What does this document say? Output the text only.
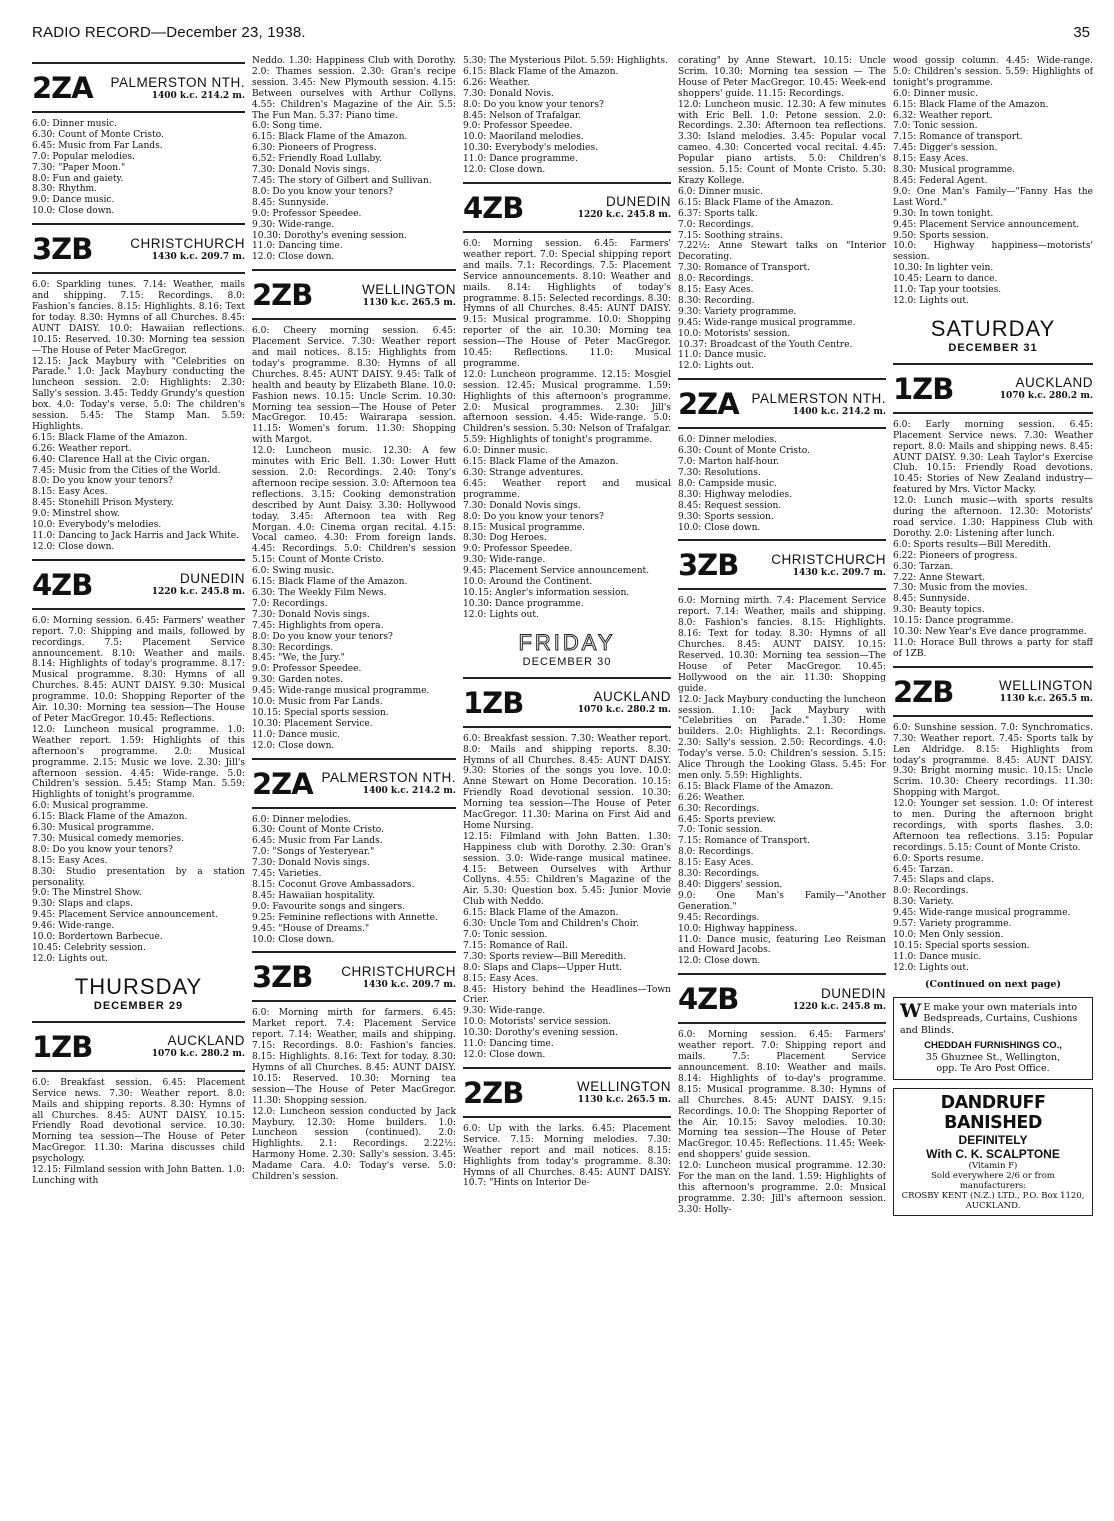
RADIO RECORD—December 23, 1938.	35
2ZA	PALMERSTON NTH.
1400 k.c. 214.2 m.

6.0: Dinner music.

6.30: Count of Monte Cristo.

6.45: Music from Far Lands.

7.0: Popular melodies.

7.30: "Paper Moon."

8.0: Fun and gaiety.

8.30: Rhythm.

9.0: Dance music.

10.0: Close down.

3ZB	CHRISTCHURCH
1430 k.c. 209.7 m.

6.0: Sparkling tunes. 7.14: Weather, mails and shipping. 7.15: Recordings. 8.0: Fashion's fancies. 8.15: Highlights. 8.16: Text for today. 8.30: Hymns of all Churches. 8.45: AUNT DAISY. 10.0: Hawaiian reflections. 10.15: Reserved. 10.30: Morning tea session—The House of Peter MacGregor.

12.15: Jack Maybury with "Celebrities on Parade." 1.0: Jack Maybury conducting the luncheon session. 2.0: Highlights: 2.30: Sally's session. 3.45: Teddy Grundy's question box. 4.0: Today's verse. 5.0: The children's session. 5.45: The Stamp Man. 5.59: Highlights.

6.15: Black Flame of the Amazon.

6.26: Weather report.

6.40: Clarence Hall at the Civic organ.

7.45: Music from the Cities of the World.

8.0: Do you know your tenors?

8.15: Easy Aces.

8.45: Stonehill Prison Mystery.

9.0: Minstrel show.

10.0: Everybody's melodies.

11.0: Dancing to Jack Harris and Jack White.

12.0: Close down.

4ZB	DUNEDIN
1220 k.c. 245.8 m.

6.0: Morning session. 6.45: Farmers' weather report. 7.0: Shipping and mails, followed by recordings. 7.5: Placement Service announcement. 8.10: Weather and mails. 8.14: Highlights of today's programme. 8.17: Musical programme. 8.30: Hymns of all Churches. 8.45: AUNT DAISY. 9.30: Musical programme. 10.0: Shopping Reporter of the Air. 10.30: Morning tea session—The House of Peter MacGregor. 10.45: Reflections.

12.0: Luncheon musical programme. 1.0: Weather report. 1.59: Highlights of this afternoon's programme. 2.0: Musical programme. 2.15: Music we love. 2.30: Jill's afternoon session. 4.45: Wide-range. 5.0: Children's session. 5.45: Stamp Man. 5.59: Highlights of tonight's programme.

6.0: Musical programme.

6.15: Black Flame of the Amazon.

6.30: Musical programme.

7.30: Musical comedy memories.

8.0: Do you know your tenors?

8.15: Easy Aces.

8.30: Studio presentation by a station personality.

9.0: The Minstrel Show.

9.30: Slaps and claps.

9.45: Placement Service announcement.

9.46: Wide-range.

10.0: Bordertown Barbecue.

10.45: Celebrity session.

12.0: Lights out.

THURSDAY
DECEMBER 29
1ZB	AUCKLAND
1070 k.c. 280.2 m.

6.0: Breakfast session. 6.45: Placement Service news. 7.30: Weather report. 8.0: Mails and shipping reports. 8.30: Hymns of all Churches. 8.45: AUNT DAISY. 10.15: Friendly Road devotional service. 10.30: Morning tea session—The House of Peter MacGregor. 11.30: Marina discusses child psychology.

12.15: Filmland session with John Batten. 1.0: Lunching with

Neddo. 1.30: Happiness Club with Dorothy. 2.0: Thames session. 2.30: Gran's recipe session. 3.45: New Plymouth session. 4.15: Between ourselves with Arthur Collyns. 4.55: Children's Magazine of the Air. 5.5: The Fun Man. 5.37: Piano time.

6.0: Song time.

6.15: Black Flame of the Amazon.

6.30: Pioneers of Progress.

6.52: Friendly Road Lullaby.

7.30: Donald Novis sings.

7.45: The story of Gilbert and Sullivan.

8.0: Do you know your tenors?

8.45: Sunnyside.

9.0: Professor Speedee.

9.30: Wide-range.

10.30: Dorothy's evening session.

11.0: Dancing time.

12.0: Close down.

2ZB	WELLINGTON
1130 k.c. 265.5 m.

6.0: Cheery morning session. 6.45: Placement Service. 7.30: Weather report and mail notices. 8.15: Highlights from today's programme. 8.30: Hymns of all Churches. 8.45: AUNT DAISY. 9.45: Talk of health and beauty by Elizabeth Blane. 10.0: Fashion news. 10.15: Uncle Scrim. 10.30: Morning tea session—The House of Peter MacGregor. 10.45: Wairarapa session. 11.15: Women's forum. 11.30: Shopping with Margot.

12.0: Luncheon music. 12.30: A few minutes with Eric Bell. 1.30: Lower Hutt session. 2.0: Recordings. 2.40: Tony's afternoon recipe session. 3.0: Afternoon tea reflections. 3.15: Cooking demonstration described by Aunt Daisy. 3.30: Hollywood today. 3.45: Afternoon tea with Reg Morgan. 4.0: Cinema organ recital. 4.15: Vocal cameo. 4.30: From foreign lands. 4.45: Recordings. 5.0: Children's session 5.15: Count of Monte Cristo.

6.0: Swing music.

6.15: Black Flame of the Amazon.

6.30: The Weekly Film News.

7.0: Recordings.

7.30: Donald Novis sings.

7.45: Highlights from opera.

8.0: Do you know your tenors?

8.30: Recordings.

8.45: "We, the Jury."

9.0: Professor Speedee.

9.30: Garden notes.

9.45: Wide-range musical programme.

10.0: Music from Far Lands.

10.15: Special sports session.

10.30: Placement Service.

11.0: Dance music.

12.0: Close down.

2ZA PALMERSTON NTH.
1400 k.c. 214.2 m.

6.0: Dinner melodies.

6.30: Count of Monte Cristo.

6.45: Music from Far Lands.

7.0: "Songs of Yesteryear."

7.30: Donald Novis sings.

7.45: Varieties.

8.15: Coconut Grove Ambassadors.

8.45: Hawaiian hospitality.

9.0: Favourite songs and singers.

9.25: Feminine reflections with Annette.

9.45: "House of Dreams."

10.0: Close down.

3ZB	CHRISTCHURCH
1430 k.c. 209.7 m.

6.0: Morning mirth for farmers. 6.45: Market report. 7.4: Placement Service report. 7.14: Weather, mails and shipping. 7.15: Recordings. 8.0: Fashion's fancies. 8.15: Highlights. 8.16: Text for today. 8.30: Hymns of all Churches. 8.45: AUNT DAISY. 10.15: Reserved. 10.30: Morning tea session—The House of Peter MacGregor. 11.30: Shopping session.

12.0: Luncheon session conducted by Jack Maybury. 12.30: Home builders. 1.0: Luncheon session (continued). 2.0: Highlights. 2.1: Recordings. 2.22½: Harmony Home. 2.30: Sally's session. 3.45: Madame Cara. 4.0: Today's verse. 5.0: Children's session.

5.30: The Mysterious Pilot. 5.59: Highlights.

6.15: Black Flame of the Amazon.

6.26: Weather.

7.30: Donald Novis.

8.0: Do you know your tenors?

8.45: Nelson of Trafalgar.

9.0: Professor Speedee.

10.0: Maoriland melodies.

10.30: Everybody's melodies.

11.0: Dance programme.

12.0: Close down.

4ZB	DUNEDIN
1220 k.c. 245.8 m.

6.0: Morning session. 6.45: Farmers' weather report. 7.0: Special shipping report and mails. 7.1: Recordings. 7.5: Placement Service announcements. 8.10: Weather and mails. 8.14: Highlights of today's programme. 8.15: Selected recordings. 8.30: Hymns of all Churches. 8.45: AUNT DAISY. 9.15: Musical programme. 10.0: Shopping reporter of the air. 10.30: Morning tea session—The House of Peter MacGregor. 10.45: Reflections. 11.0: Musical programme.

12.0: Luncheon programme. 12.15: Mosgiel session. 12.45: Musical programme. 1.59: Highlights of this afternoon's programme. 2.0: Musical programmes. 2.30: Jill's afternoon session. 4.45: Wide-range. 5.0: Children's session. 5.30: Nelson of Trafalgar. 5.59: Highlights of tonight's programme.

6.0: Dinner music.

6.15: Black Flame of the Amazon.

6.30: Strange adventures.

6.45: Weather report and musical programme.

7.30: Donald Novis sings.

8.0: Do you know your tenors?

8.15: Musical programme.

8.30: Dog Heroes.

9.0: Professor Speedee.

9.30: Wide-range.

9.45: Placement Service announcement.

10.0: Around the Continent.

10.15: Angler's information session.

10.30: Dance programme.

12.0: Lights out.

FRIDAY
DECEMBER 30
1ZB	AUCKLAND
1070 k.c. 280.2 m.

6.0: Breakfast session. 7.30: Weather report. 8.0: Mails and shipping reports. 8.30: Hymns of all Churches. 8.45: AUNT DAISY. 9.30: Stories of the songs you love. 10.0: Anne Stewart on Home Decoration. 10.15: Friendly Road devotional session. 10.30: Morning tea session—The House of Peter MacGregor. 11.30: Marina on First Aid and Home Nursing.

12.15: Filmland with John Batten. 1.30: Happiness club with Dorothy. 2.30: Gran's session. 3.0: Wide-range musical matinee. 4.15: Between Ourselves with Arthur Collyns. 4.55: Children's Magazine of the Air. 5.30: Question box. 5.45: Junior Movie Club with Neddo.

6.15: Black Flame of the Amazon.

6.30: Uncle Tom and Children's Choir.

7.0: Tonic session.

7.15: Romance of Rail.

7.30: Sports review—Bill Meredith.

8.0: Slaps and Claps—Upper Hutt.

8.15: Easy Aces.

8.45: History behind the Headlines—Town Crier.

9.30: Wide-range.

10.0: Motorists' service session.

10.30: Dorothy's evening session.

11.0: Dancing time.

12.0: Close down.

2ZB	WELLINGTON
1130 k.c. 265.5 m.

6.0: Up with the larks. 6.45: Placement Service. 7.15: Morning melodies. 7.30: Weather report and mail notices. 8.15: Highlights from today's programme. 8.30: Hymns of all Churches. 8.45: AUNT DAISY. 10.7: "Hints on Interior De-

corating" by Anne Stewart. 10.15: Uncle Scrim. 10.30: Morning tea session — The House of Peter MacGregor. 10.45: Week-end shoppers' guide. 11.15: Recordings.

12.0: Luncheon music. 12.30: A few minutes with Eric Bell. 1.0: Petone session. 2.0: Recordings. 2.30: Afternoon tea reflections. 3.30: Island melodies. 3.45: Popular vocal cameo. 4.30: Concerted vocal recital. 4.45: Popular piano artists. 5.0: Children's session. 5.15: Count of Monte Cristo. 5.30: Krazy Kollege.

6.0: Dinner music.

6.15: Black Flame of the Amazon.

6.37: Sports talk.

7.0: Recordings.

7.15: Soothing strains.

7.22½: Anne Stewart talks on "Interior Decorating.

7.30: Romance of Transport.

8.0: Recordings.

8.15: Easy Aces.

8.30: Recording.

9.30: Variety programme.

9.45: Wide-range musical programme.

10.0: Motorists' session.

10.37: Broadcast of the Youth Centre.

11.0: Dance music.

12.0: Lights out.

2ZA PALMERSTON NTH.
1400 k.c. 214.2 m.

6.0: Dinner melodies.

6.30: Count of Monte Cristo.

7.0: Marton half-hour.

7.30: Resolutions.

8.0: Campside music.

8.30: Highway melodies.

8.45: Request session.

9.30: Sports session.

10.0: Close down.

3ZB	CHRISTCHURCH
1430 k.c. 209.7 m.

6.0: Morning mirth. 7.4: Placement Service report. 7.14: Weather, mails and shipping. 8.0: Fashion's fancies. 8.15: Highlights. 8.16: Text for today. 8.30: Hymns of all Churches. 8.45: AUNT DAISY. 10.15: Reserved. 10.30: Morning tea session—The House of Peter MacGregor. 10.45: Hollywood on the air. 11.30: Shopping guide.

12.0: Jack Maybury conducting the luncheon session. 1.10: Jack Maybury with "Celebrities on Parade." 1.30: Home builders. 2.0: Highlights. 2.1: Recordings. 2.30: Sally's session. 2.50: Recordings. 4.0: Today's verse. 5.0: Children's session. 5.15: Alice Through the Looking Glass. 5.45: For men only. 5.59: Highlights.

6.15: Black Flame of the Amazon.

6.26: Weather.

6.30: Recordings.

6.45: Sports preview.

7.0: Tonic session.

7.15: Romance of Transport.

8.0: Recordings.

8.15: Easy Aces.

8.30: Recordings.

8.40: Diggers' session.

9.0: One Man's Family—"Another Generation."

9.45: Recordings.

10.0: Highway happiness.

11.0: Dance music, featuring Leo Reisman and Howard Jacobs.

12.0: Close down.

4ZB	DUNEDIN
1220 k.c. 245.8 m.

6.0: Morning session. 6.45: Farmers' weather report. 7.0: Shipping report and mails. 7.5: Placement Service announcement. 8.10: Weather and mails. 8.14: Highlights of to-day's programme. 8.15: Musical programme. 8.30: Hymns of all Churches. 8.45: AUNT DAISY. 9.15: Recordings. 10.0: The Shopping Reporter of the Air. 10.15: Savoy melodies. 10.30: Morning tea session—The House of Peter MacGregor. 10.45: Reflections. 11.45: Week-end shoppers' guide session.

12.0: Luncheon musical programme. 12.30: For the man on the land. 1.59: Highlights of this afternoon's programme. 2.0: Musical programme. 2.30: Jill's afternoon session. 3.30: Holly-

wood gossip column. 4.45: Wide-range. 5.0: Children's session. 5.59: Highlights of tonight's programme.

6.0: Dinner music.

6.15: Black Flame of the Amazon.

6.32: Weather report.

7.0: Tonic session.

7.15: Romance of transport.

7.45: Digger's session.

8.15: Easy Aces.

8.30: Musical programme.

8.45: Federal Agent.

9.0: One Man's Family—"Fanny Has the Last Word."

9.30: In town tonight.

9.45: Placement Service announcement.

9.50: Sports session.

10.0: Highway happiness—motorists' session.

10.30: In lighter vein.

10.45: Learn to dance.

11.0: Tap your tootsies.

12.0: Lights out.

SATURDAY
DECEMBER 31
1ZB	AUCKLAND
1070 k.c. 280.2 m.

6.0: Early morning session. 6.45: Placement Service news. 7.30: Weather report. 8.0: Mails and shipping news. 8.45: AUNT DAISY. 9.30: Leah Taylor's Exercise Club. 10.15: Friendly Road devotions. 10.45: Stories of New Zealand industry—featured by Mrs. Victor Macky.

12.0: Lunch music—with sports results during the afternoon. 12.30: Motorists' road service. 1.30: Happiness Club with Dorothy. 2.0: Listening after lunch.

6.0: Sports results—Bill Meredith.

6.22: Pioneers of progress.

6.30: Tarzan.

7.22: Anne Stewart.

7.30: Music from the movies.

8.45: Sunnyside.

9.30: Beauty topics.

10.15: Dance programme.

10.30: New Year's Eve dance programme.

11.0: Horace Bull throws a party for staff of 1ZB.

2ZB	WELLINGTON
1130 k.c. 265.5 m.

6.0: Sunshine session. 7.0: Synchromatics. 7.30: Weather report. 7.45: Sports talk by Len Aldridge. 8.15: Highlights from today's programme. 8.45: AUNT DAISY. 9.30: Bright morning music. 10.15: Uncle Scrim. 10.30: Cheery recordings. 11.30: Shopping with Margot.

12.0: Younger set session. 1.0: Of interest to men. During the afternoon bright recordings, with sports flashes. 3.0: Afternoon tea reflections. 3.15: Popular recordings. 5.15: Count of Monte Cristo.

6.0: Sports resume.

6.45: Tarzan.

7.45: Slaps and claps.

8.0: Recordings.

8.30: Variety.

9.45: Wide-range musical programme.

9.57: Variety programme.

10.0: Men Only session.

10.15: Special sports session.

11.0: Dance music.

12.0: Lights out.

(Continued on next page)
W E make your own materials into Bedspreads, Curtains, Cushions and Blinds.
CHEDDAH FURNISHINGS CO.,
35 Ghuznee St., Wellington,
opp. Te Aro Post Office.
DANDRUFF BANISHED
DEFINITELY
With C. K. SCALPTONE
(Vitamin F)
Sold everywhere 2/6 or from manufacturers:
CROSBY KENT (N.Z.) LTD., P.O. Box 1120, AUCKLAND.
